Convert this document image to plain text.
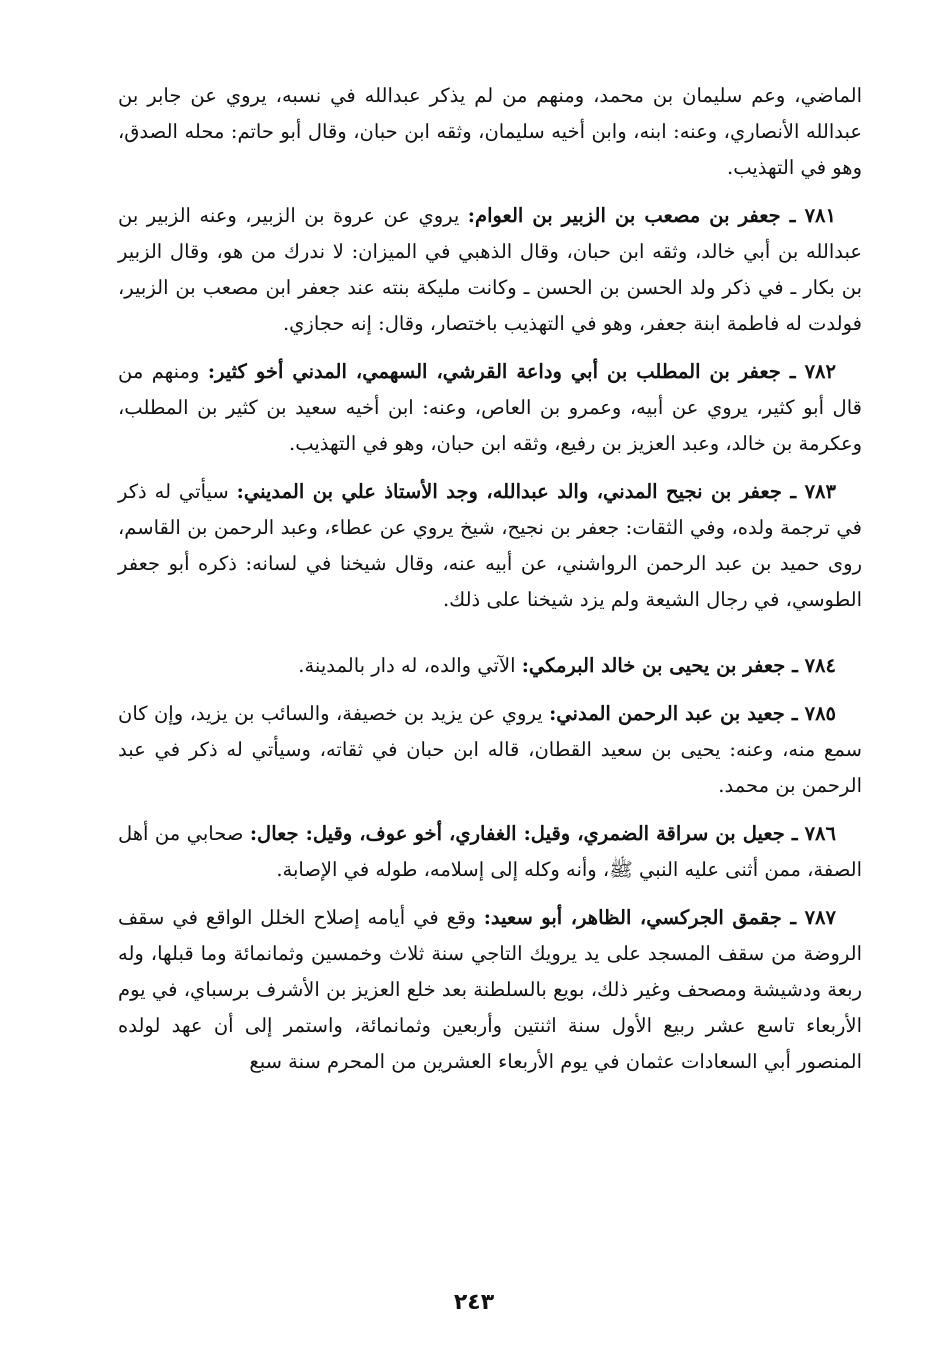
الماضي، وعم سليمان بن محمد، ومنهم من لم يذكر عبدالله في نسبه، يروي عن جابر بن عبدالله الأنصاري، وعنه: ابنه، وابن أخيه سليمان، وثقه ابن حبان، وقال أبو حاتم: محله الصدق، وهو في التهذيب.

٧٨١ ـ جعفر بن مصعب بن الزبير بن العوام: يروي عن عروة بن الزبير، وعنه الزبير بن عبدالله بن أبي خالد، وثقه ابن حبان، وقال الذهبي في الميزان: لا ندرك من هو، وقال الزبير بن بكار ـ في ذكر ولد الحسن بن الحسن ـ وكانت مليكة بنته عند جعفر ابن مصعب بن الزبير، فولدت له فاطمة ابنة جعفر، وهو في التهذيب باختصار، وقال: إنه حجازي.

٧٨٢ ـ جعفر بن المطلب بن أبي وداعة القرشي، السهمي، المدني أخو كثير: ومنهم من قال أبو كثير، يروي عن أبيه، وعمرو بن العاص، وعنه: ابن أخيه سعيد بن كثير بن المطلب، وعكرمة بن خالد، وعبد العزيز بن رفيع، وثقه ابن حبان، وهو في التهذيب.

٧٨٣ ـ جعفر بن نجيح المدني، والد عبدالله، وجد الأستاذ علي بن المديني: سيأتي له ذكر في ترجمة ولده، وفي الثقات: جعفر بن نجيح، شيخ يروي عن عطاء، وعبد الرحمن بن القاسم، روى حميد بن عبد الرحمن الرواشني، عن أبيه عنه، وقال شيخنا في لسانه: ذكره أبو جعفر الطوسي، في رجال الشيعة ولم يزد شيخنا على ذلك.

٧٨٤ ـ جعفر بن يحيى بن خالد البرمكي: الآتي والده، له دار بالمدينة.

٧٨٥ ـ جعيد بن عبد الرحمن المدني: يروي عن يزيد بن خصيفة، والسائب بن يزيد، وإن كان سمع منه، وعنه: يحيى بن سعيد القطان، قاله ابن حبان في ثقاته، وسيأتي له ذكر في عبد الرحمن بن محمد.

٧٨٦ ـ جعيل بن سراقة الضمري، وقيل: الغفاري، أخو عوف، وقيل: جعال: صحابي من أهل الصفة، ممن أثنى عليه النبي ﷺ، وأنه وكله إلى إسلامه، طوله في الإصابة.

٧٨٧ ـ جقمق الجركسي، الظاهر، أبو سعيد: وقع في أيامه إصلاح الخلل الواقع في سقف الروضة من سقف المسجد على يد يرويك التاجي سنة ثلاث وخمسين وثمانمائة وما قبلها، وله ربعة ودشيشة ومصحف وغير ذلك، بويع بالسلطنة بعد خلع العزيز بن الأشرف برسباي، في يوم الأربعاء تاسع عشر ربيع الأول سنة اثنتين وأربعين وثمانمائة، واستمر إلى أن عهد لولده المنصور أبي السعادات عثمان في يوم الأربعاء العشرين من المحرم سنة سبع

٢٤٣
